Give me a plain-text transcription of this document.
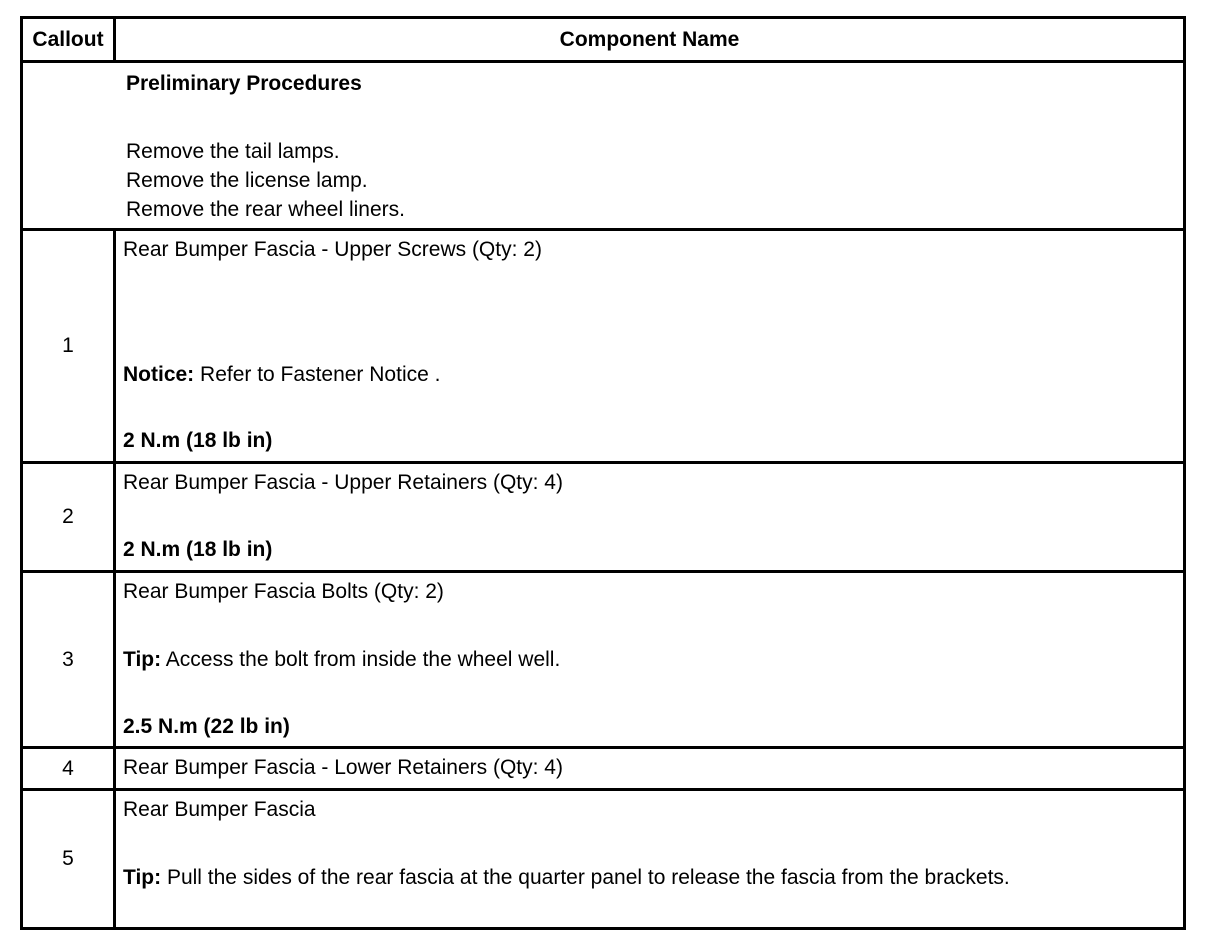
Callout	Component Name
Preliminary Procedures
Remove the tail lamps.
Remove the license lamp.
Remove the rear wheel liners.
1
Rear Bumper Fascia - Upper Screws (Qty: 2)
Notice: Refer to Fastener Notice .
2 N.m (18 lb in)
2
Rear Bumper Fascia - Upper Retainers (Qty: 4)
2 N.m (18 lb in)
3
Rear Bumper Fascia Bolts (Qty: 2)
Tip: Access the bolt from inside the wheel well.
2.5 N.m (22 lb in)
4	Rear Bumper Fascia - Lower Retainers (Qty: 4)
5
Rear Bumper Fascia
Tip: Pull the sides of the rear fascia at the quarter panel to release the fascia from the brackets.
